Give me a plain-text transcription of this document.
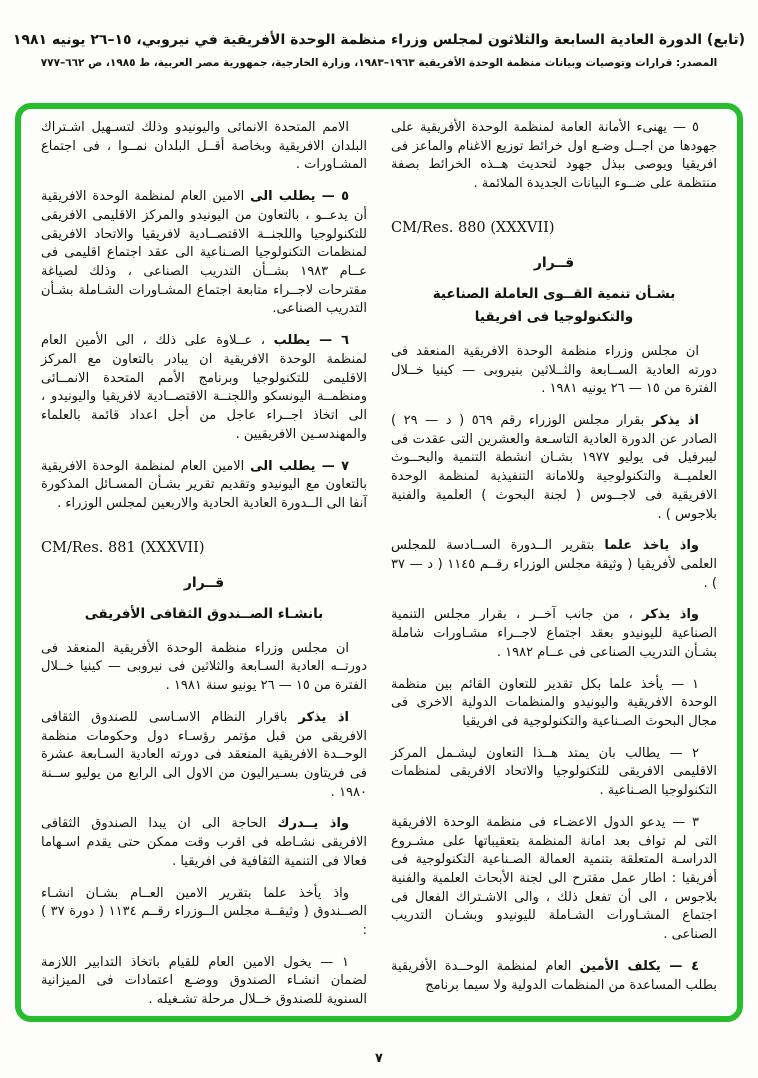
(تابع) الدورة العادية السابعة والثلاثون لمجلس وزراء منظمة الوحدة الأفريقية في نيروبي، ١٥–٢٦ يونيه ١٩٨١
المصدر: قرارات وتوصيات وبيانات منظمة الوحدة الأفريقية ١٩٦٣–١٩٨٣، وزارة الخارجية، جمهورية مصر العربية، ط ١٩٨٥، ص ٦٦٢–٧٧٧

٥ — يهنىء الأمانة العامة لمنظمة الوحدة الأفريقية على جهودها من اجــل وضـع اول خرائط توزيع الاغنام والماعز فى افريقيا ويوصى ببذل جهود لتحديث هــذه الخرائط بصفة منتظمة على ضــوء البيانات الجديدة الملائمة .

CM/Res. 880 (XXXVII)
قــرار
بشـأن تنمية القــوى العاملة الصناعية
والتكنولوجيا فى افريقيا

ان مجلس وزراء منظمة الوحدة الافريقية المنعقد فى دورته العادية الســابعة والثــلاثين بنيروبى — كينيا خــلال الفترة من ١٥ — ٢٦ يونيه ١٩٨١ .

اذ يذكر بقرار مجلس الوزراء رقم ٥٦٩ ( د — ٢٩ ) الصادر عن الدورة العادية التاسـعة والعشرين التى عقدت فى ليبرفيل فى يوليو ١٩٧٧ بشـان انشطة التنمية والبحــوث العلميــة والتكنولوجية وللامانة التنفيذية لمنظمة الوحدة الافريقية فى لاجــوس ( لجنة البحوث ) العلمية والفنية بلاجوس ) .

واذ ياخذ علما بتقرير الــدورة الســادسة للمجلس العلمى لأفريقيا ( وثيقة مجلس الوزراء رقــم ١١٤٥ ( د — ٣٧ ) .

واذ يذكر ، من جانب آخــر ، بقرار مجلس التنمية الصناعية لليونيدو بعقد اجتماع لاجــراء مشـاورات شاملة بشـأن التدريب الصناعى فى عــام ١٩٨٢ .

١ — يأخذ علما بكل تقدير للتعاون القائم بين منظمة الوحدة الافريقية واليونيدو والمنظمات الدولية الاخرى فى مجال البحوث الصـناعية والتكنولوجية فى افريقيا

٢ — يطالب بان يمتد هــذا التعاون ليشـمل المركز الاقليمى الافريقى للتكنولوجيا والاتحاد الافريقى لمنظمات التكنولوجيا الصـناعية .

٣ — يدعو الدول الاعضـاء فى منظمة الوحدة الافريقية التى لم تواف بعد امانة المنظمة بتعقيباتها على مشـروع الدراسـة المتعلقة بتنمية العمالة الصـناعية التكنولوجية فى أفريقيا : اطار عمل مقترح الى لجنة الأبحاث العلمية والفنية بلاجوس ، الى أن تفعل ذلك ، والى الاشـتراك الفعال فى اجتماع المشـاورات الشـاملة لليونيدو وبشـان التدريب الصناعى .

٤ — يكلف الأمين العام لمنظمة الوحــدة الأفريقية بطلب المساعدة من المنظمات الدولية ولا سيما برنامج

الامم المتحدة الانمائى واليونيدو وذلك لتسـهيل اشـتراك البلدان الافريقية وبخاصة أقــل البلدان نمــوا ، فى اجتماع المشـاورات .

٥ — يطلب الى الامين العام لمنظمة الوحدة الافريقية أن يدعــو ، بالتعاون من اليونيدو والمركز الاقليمى الافريقى للتكنولوجيا واللجنــة الاقتصــادية لافريقيا والاتحاد الافريقى لمنظمات التكنولوجيا الصـناعية الى عقد اجتماع اقليمى فى عــام ١٩٨٣ بشــأن التدريب الصناعى ، وذلك لصياغة مقترحات لاجــراء متابعة اجتماع المشـاورات الشـاملة بشـأن التدريب الصناعى.

٦ — يطلب ، عــلاوة على ذلك ، الى الأمين العام لمنظمة الوحدة الافريقية ان يبادر بالتعاون مع المركز الاقليمى للتكنولوجيا وبرنامج الأمم المتحدة الانمــائى ومنظمــة اليونسكو واللجنــة الاقتصــادية لافريقيا واليونيدو ، الى اتخاذ اجــراء عاجل من أجل اعداد قائمة بالعلماء والمهندسـين الافريقيين .

٧ — يطلب الى الامين العام لمنظمة الوحدة الافريقية بالتعاون مع اليونيدو وتقديم تقرير بشـأن المسـائل المذكورة آنفا الى الــدورة العادية الحادية والاربعين لمجلس الوزراء .

CM/Res. 881 (XXXVII)
قــرار
بانشـاء الصــندوق الثقافى الأفريقى

ان مجلس وزراء منظمة الوحدة الأفريقية المنعقد فى دورتــه العادية السـابعة والثلاثين فى نيروبى — كينيا خــلال الفترة من ١٥ — ٢٦ يونيو سنة ١٩٨١ .

اذ يذكر باقرار النظام الاسـاسى للصندوق الثقافى الافريقى من قبل مؤتمر رؤسـاء دول وحكومات منظمة الوحــدة الافريقية المنعقد فى دورته العادية السـابعة عشرة فى فريتاون بسـيراليون من الاول الى الرابع من يوليو ســنة ١٩٨٠ .

واذ يــدرك الحاجة الى ان يبدا الصندوق الثقافى الافريقى نشـاطه فى اقرب وقت ممكن حتى يقدم اسـهاما فعالا فى التنمية الثقافية فى افريقيا .

واذ يأخذ علما بتقرير الامين العــام بشـان انشـاء الصــندوق ( وثيقــة مجلس الــوزراء رقــم ١١٣٤ ( دورة ٣٧ ) :

١ — يخول الامين العام للقيام باتخاذ التدابير اللازمة لضمان انشـاء الصندوق ووضـع اعتمادات فى الميزانية السنوية للصندوق خــلال مرحلة تشـغيله .

٧
